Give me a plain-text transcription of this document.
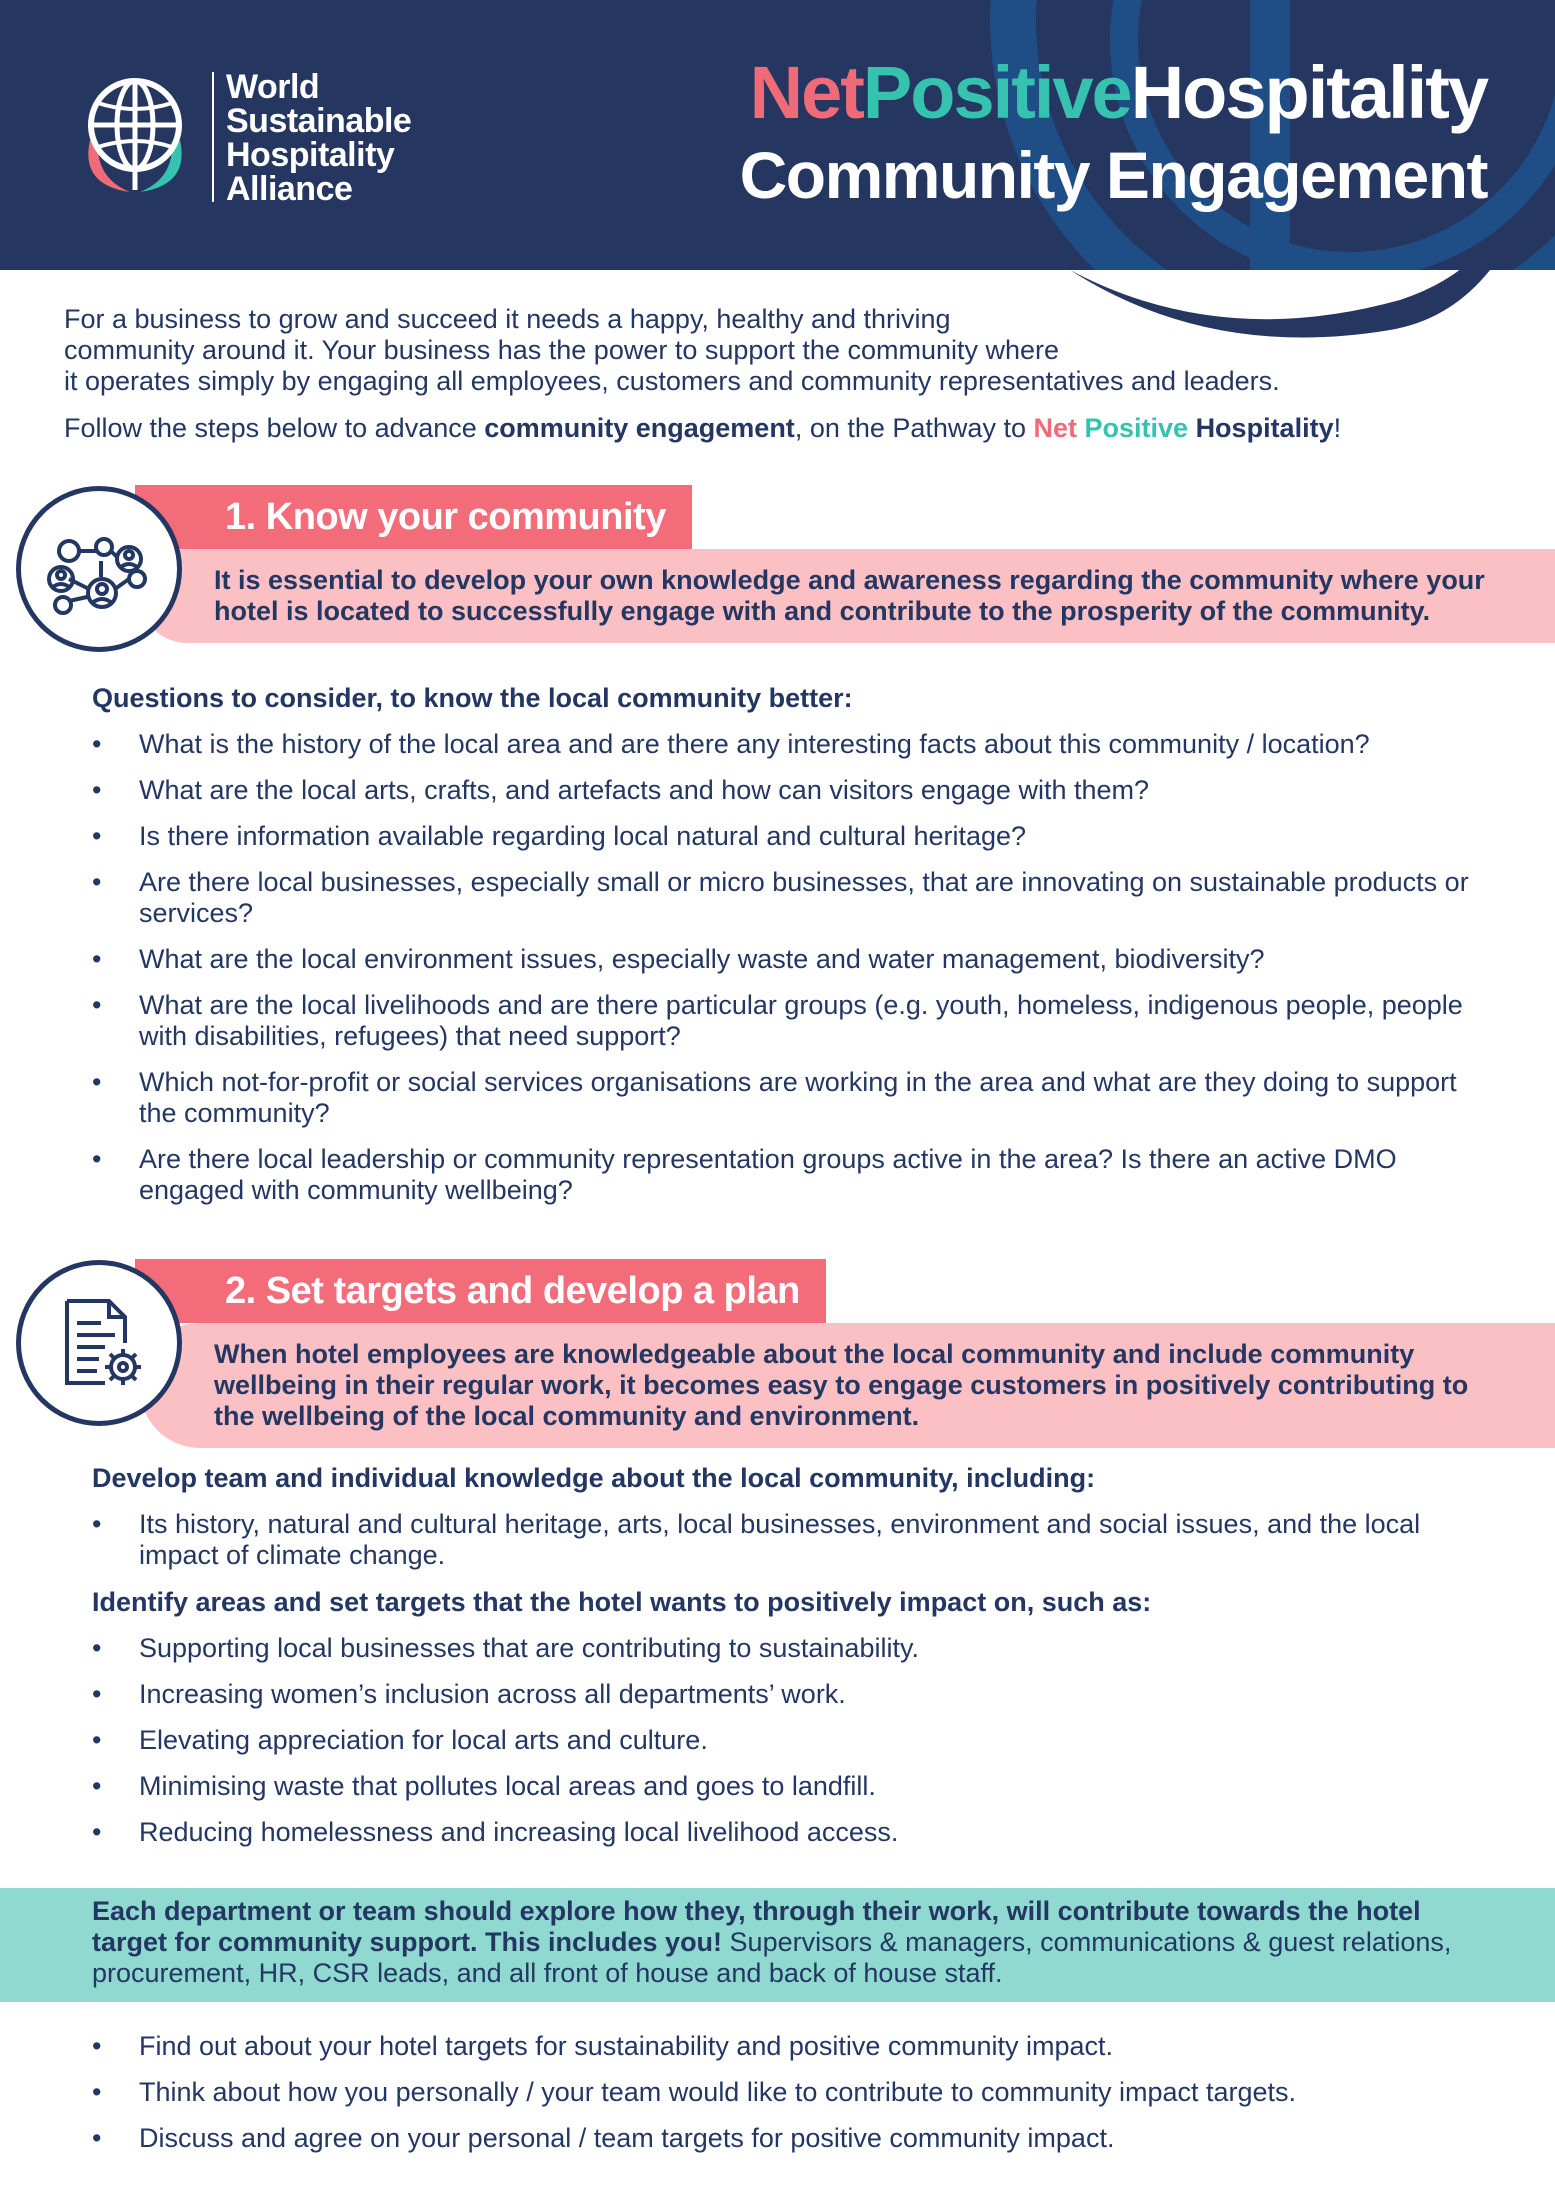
World
Sustainable
Hospitality
Alliance
NetPositiveHospitality
Community Engagement
For a business to grow and succeed it needs a happy, healthy and thriving
community around it. Your business has the power to support the community where
it operates simply by engaging all employees, customers and community representatives and leaders.
Follow the steps below to advance community engagement, on the Pathway to Net Positive Hospitality!
1. Know your community
It is essential to develop your own knowledge and awareness regarding the community where your hotel is located to successfully engage with and contribute to the prosperity of the community.
Questions to consider, to know the local community better:
• What is the history of the local area and are there any interesting facts about this community / location?
• What are the local arts, crafts, and artefacts and how can visitors engage with them?
• Is there information available regarding local natural and cultural heritage?
• Are there local businesses, especially small or micro businesses, that are innovating on sustainable products or services?
• What are the local environment issues, especially waste and water management, biodiversity?
• What are the local livelihoods and are there particular groups (e.g. youth, homeless, indigenous people, people with disabilities, refugees) that need support?
• Which not-for-profit or social services organisations are working in the area and what are they doing to support the community?
• Are there local leadership or community representation groups active in the area? Is there an active DMO engaged with community wellbeing?
2. Set targets and develop a plan
When hotel employees are knowledgeable about the local community and include community wellbeing in their regular work, it becomes easy to engage customers in positively contributing to the wellbeing of the local community and environment.
Develop team and individual knowledge about the local community, including:
• Its history, natural and cultural heritage, arts, local businesses, environment and social issues, and the local impact of climate change.
Identify areas and set targets that the hotel wants to positively impact on, such as:
• Supporting local businesses that are contributing to sustainability.
• Increasing women’s inclusion across all departments’ work.
• Elevating appreciation for local arts and culture.
• Minimising waste that pollutes local areas and goes to landfill.
• Reducing homelessness and increasing local livelihood access.
Each department or team should explore how they, through their work, will contribute towards the hotel target for community support. This includes you! Supervisors & managers, communications & guest relations, procurement, HR, CSR leads, and all front of house and back of house staff.
• Find out about your hotel targets for sustainability and positive community impact.
• Think about how you personally / your team would like to contribute to community impact targets.
• Discuss and agree on your personal / team targets for positive community impact.
